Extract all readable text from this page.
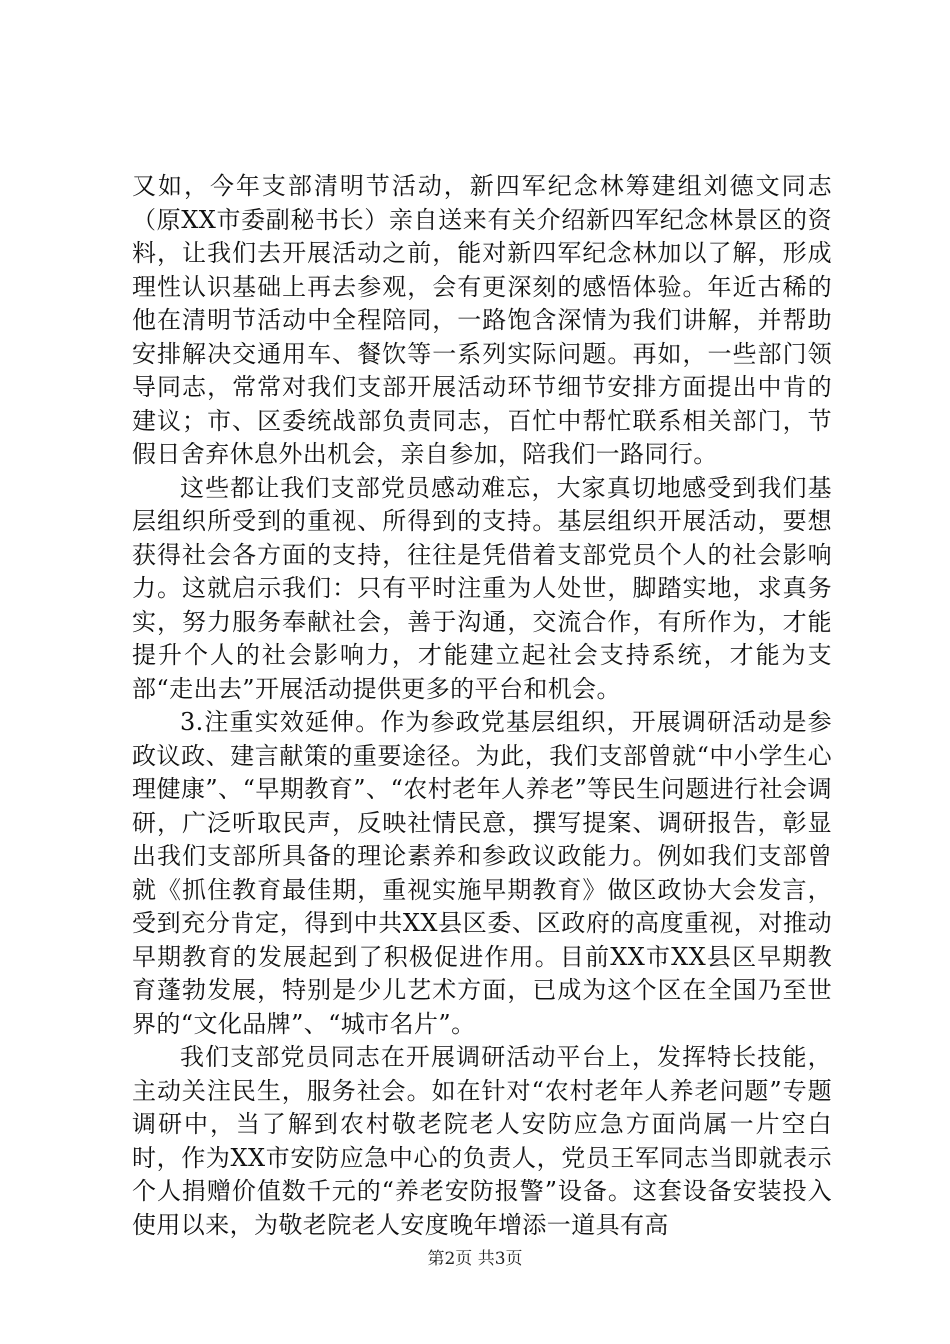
又如，今年支部清明节活动，新四军纪念林筹建组刘德文同志（原XX市委副秘书长）亲自送来有关介绍新四军纪念林景区的资料，让我们去开展活动之前，能对新四军纪念林加以了解，形成理性认识基础上再去参观，会有更深刻的感悟体验。年近古稀的他在清明节活动中全程陪同，一路饱含深情为我们讲解，并帮助安排解决交通用车、餐饮等一系列实际问题。再如，一些部门领导同志，常常对我们支部开展活动环节细节安排方面提出中肯的建议；市、区委统战部负责同志，百忙中帮忙联系相关部门，节假日舍弃休息外出机会，亲自参加，陪我们一路同行。

这些都让我们支部党员感动难忘，大家真切地感受到我们基层组织所受到的重视、所得到的支持。基层组织开展活动，要想获得社会各方面的支持，往往是凭借着支部党员个人的社会影响力。这就启示我们：只有平时注重为人处世，脚踏实地，求真务实，努力服务奉献社会，善于沟通，交流合作，有所作为，才能提升个人的社会影响力，才能建立起社会支持系统，才能为支部“走出去”开展活动提供更多的平台和机会。

3.注重实效延伸。作为参政党基层组织，开展调研活动是参政议政、建言献策的重要途径。为此，我们支部曾就“中小学生心理健康”、“早期教育”、“农村老年人养老”等民生问题进行社会调研，广泛听取民声，反映社情民意，撰写提案、调研报告，彰显出我们支部所具备的理论素养和参政议政能力。例如我们支部曾就《抓住教育最佳期，重视实施早期教育》做区政协大会发言，受到充分肯定，得到中共XX县区委、区政府的高度重视，对推动早期教育的发展起到了积极促进作用。目前XX市XX县区早期教育蓬勃发展，特别是少儿艺术方面，已成为这个区在全国乃至世界的“文化品牌”、“城市名片”。

我们支部党员同志在开展调研活动平台上，发挥特长技能，主动关注民生，服务社会。如在针对“农村老年人养老问题”专题调研中，当了解到农村敬老院老人安防应急方面尚属一片空白时，作为XX市安防应急中心的负责人，党员王军同志当即就表示个人捐赠价值数千元的“养老安防报警”设备。这套设备安装投入使用以来，为敬老院老人安度晚年增添一道具有高

第2页 共3页
